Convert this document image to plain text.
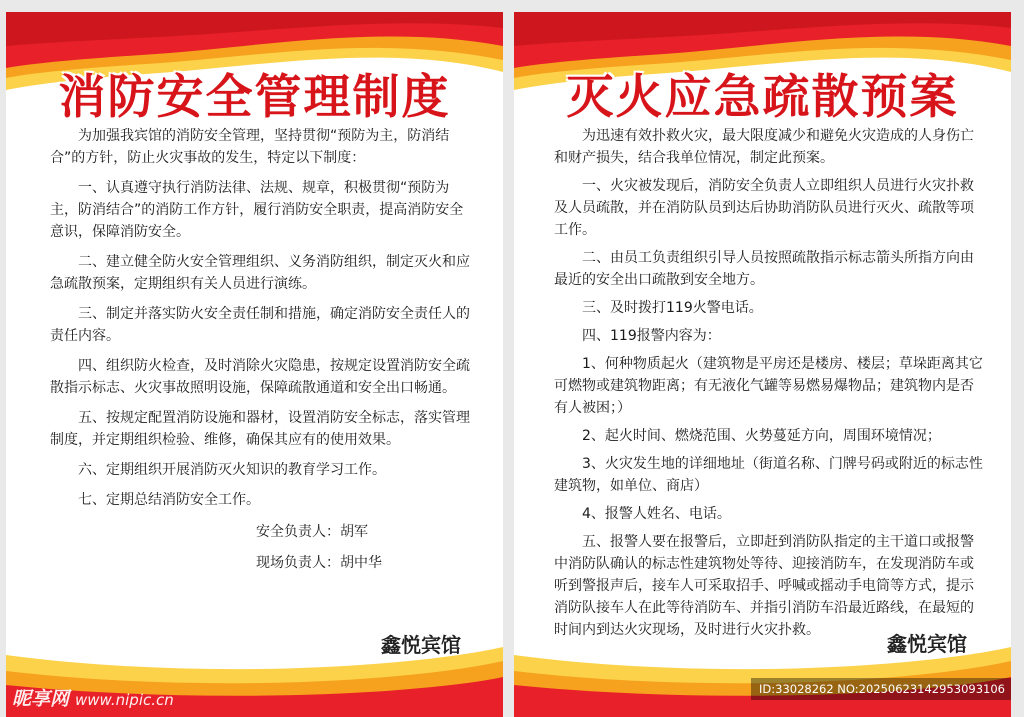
消防安全管理制度

为加强我宾馆的消防安全管理，坚持贯彻“预防为主，防消结合”的方针，防止火灾事故的发生，特定以下制度：

一、认真遵守执行消防法律、法规、规章，积极贯彻“预防为主，防消结合”的消防工作方针，履行消防安全职责，提高消防安全意识，保障消防安全。

二、建立健全防火安全管理组织、义务消防组织，制定灭火和应急疏散预案，定期组织有关人员进行演练。

三、制定并落实防火安全责任制和措施，确定消防安全责任人的责任内容。

四、组织防火检查，及时消除火灾隐患，按规定设置消防安全疏散指示标志、火灾事故照明设施，保障疏散通道和安全出口畅通。

五、按规定配置消防设施和器材，设置消防安全标志，落实管理制度，并定期组织检验、维修，确保其应有的使用效果。

六、定期组织开展消防灭火知识的教育学习工作。

七、定期总结消防安全工作。

安全负责人：胡军
现场负责人：胡中华
鑫悦宾馆
灭火应急疏散预案

为迅速有效扑救火灾，最大限度减少和避免火灾造成的人身伤亡和财产损失，结合我单位情况，制定此预案。

一、火灾被发现后，消防安全负责人立即组织人员进行火灾扑救及人员疏散，并在消防队员到达后协助消防队员进行灭火、疏散等项工作。

二、由员工负责组织引导人员按照疏散指示标志箭头所指方向由最近的安全出口疏散到安全地方。

三、及时拨打119火警电话。

四、119报警内容为：

1、何种物质起火（建筑物是平房还是楼房、楼层；草垛距离其它可燃物或建筑物距离；有无液化气罐等易燃易爆物品；建筑物内是否有人被困；）

2、起火时间、燃烧范围、火势蔓延方向，周围环境情况；

3、火灾发生地的详细地址（街道名称、门牌号码或附近的标志性建筑物，如单位、商店）

4、报警人姓名、电话。

五、报警人要在报警后，立即赶到消防队指定的主干道口或报警中消防队确认的标志性建筑物处等待、迎接消防车，在发现消防车或听到警报声后，接车人可采取招手、呼喊或摇动手电筒等方式，提示消防队接车人在此等待消防车、并指引消防车沿最近路线，在最短的时间内到达火灾现场，及时进行火灾扑救。

鑫悦宾馆
昵享网 www.nipic.cn
ID:33028262 NO:20250623142953093106
